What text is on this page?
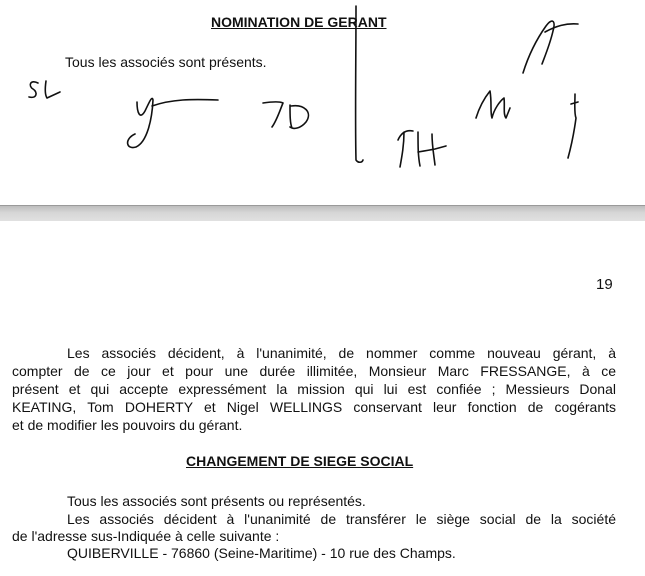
NOMINATION DE GERANT
Tous les associés sont présents.
19
Les associés décident, à l'unanimité, de nommer comme nouveau gérant, à
compter de ce jour et pour une durée illimitée, Monsieur Marc FRESSANGE, à ce
présent et qui accepte expressément la mission qui lui est confiée ; Messieurs Donal
KEATING, Tom DOHERTY et Nigel WELLINGS conservant leur fonction de cogérants
et de modifier les pouvoirs du gérant.
CHANGEMENT DE SIEGE SOCIAL
Tous les associés sont présents ou représentés.
Les associés décident à l'unanimité de transférer le siège social de la société
de l'adresse sus-Indiquée à celle suivante :
QUIBERVILLE - 76860 (Seine-Maritime) - 10 rue des Champs.
